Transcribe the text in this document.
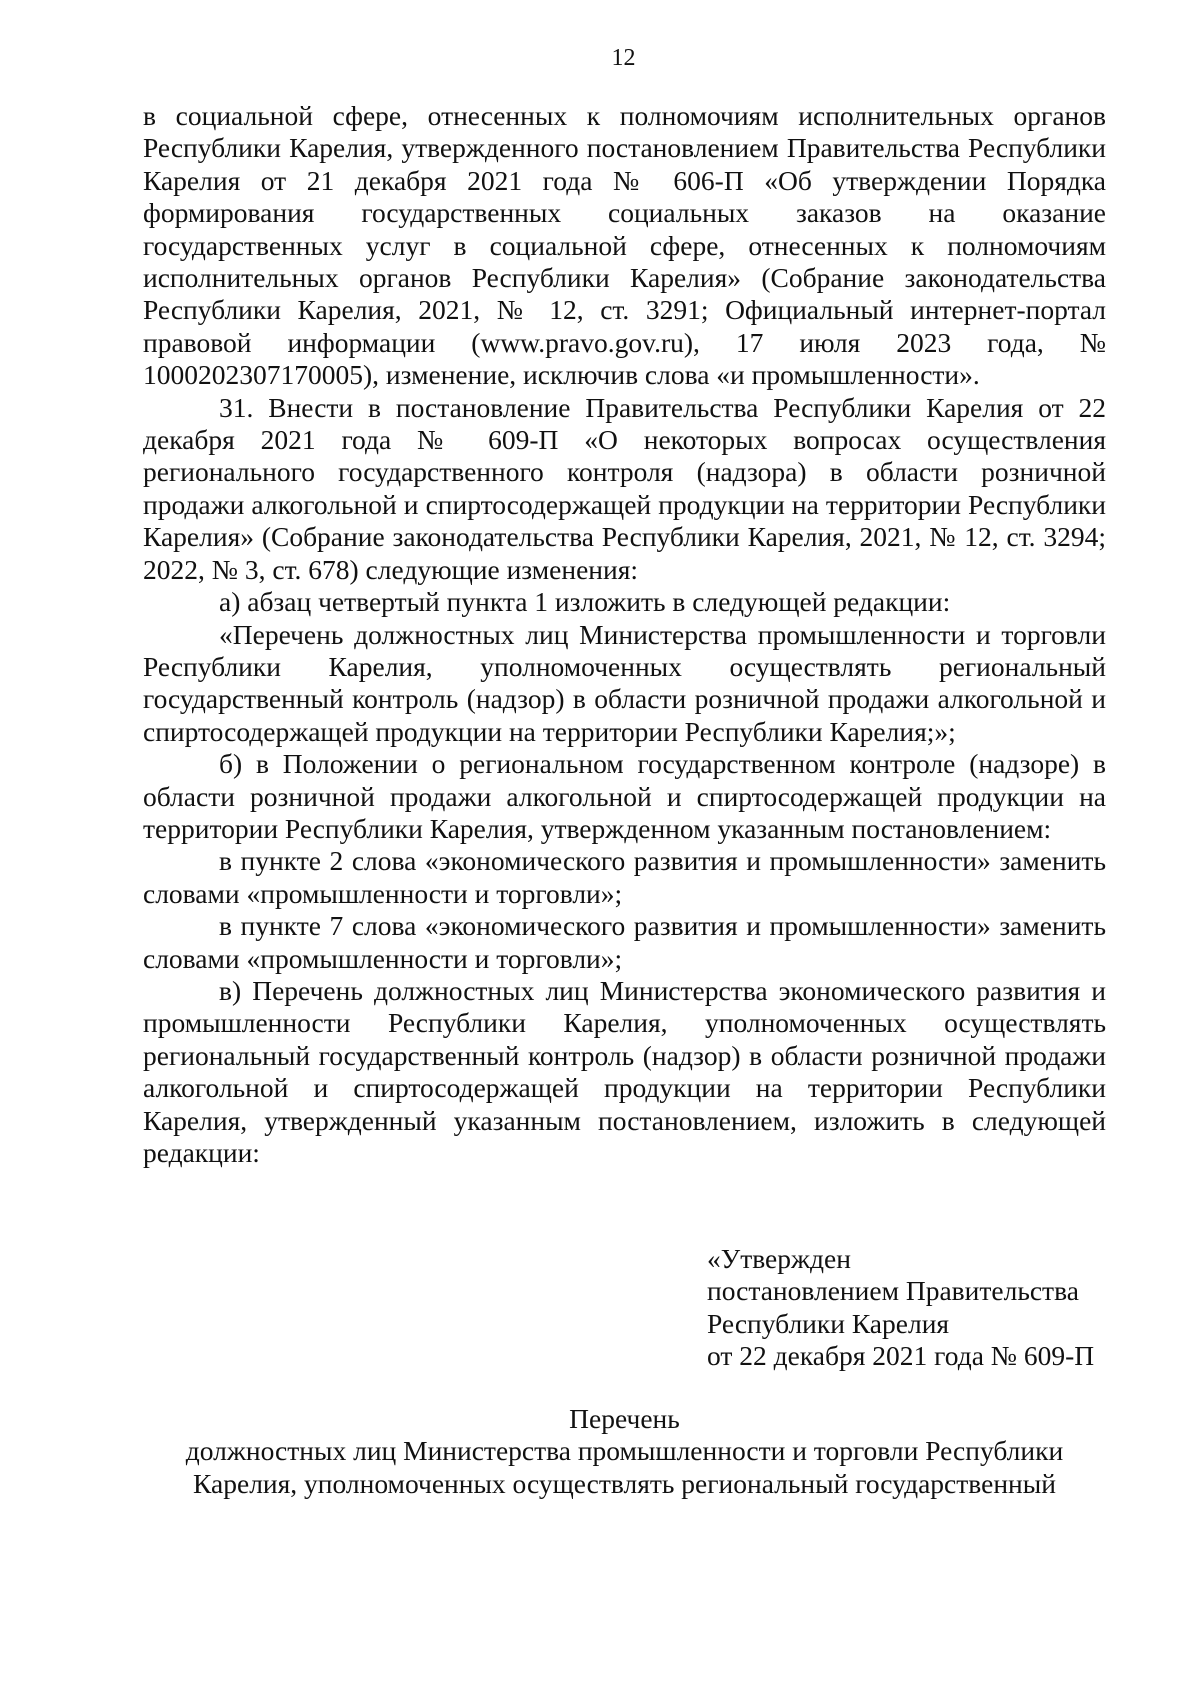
12

в социальной сфере, отнесенных к полномочиям исполнительных органов Республики Карелия, утвержденного постановлением Правительства Республики Карелия от 21 декабря 2021 года № 606-П «Об утверждении Порядка формирования государственных социальных заказов на оказание государственных услуг в социальной сфере, отнесенных к полномочиям исполнительных органов Республики Карелия» (Собрание законодательства Республики Карелия, 2021, № 12, ст. 3291; Официальный интернет-портал правовой информации (www.pravo.gov.ru), 17 июля 2023 года, № 1000202307170005), изменение, исключив слова «и промышленности».

31. Внести в постановление Правительства Республики Карелия от 22 декабря 2021 года № 609-П «О некоторых вопросах осуществления регионального государственного контроля (надзора) в области розничной продажи алкогольной и спиртосодержащей продукции на территории Республики Карелия» (Собрание законодательства Республики Карелия, 2021, № 12, ст. 3294; 2022, № 3, ст. 678) следующие изменения:

а) абзац четвертый пункта 1 изложить в следующей редакции:

«Перечень должностных лиц Министерства промышленности и торговли Республики Карелия, уполномоченных осуществлять региональный государственный контроль (надзор) в области розничной продажи алкогольной и спиртосодержащей продукции на территории Республики Карелия;»;

б) в Положении о региональном государственном контроле (надзоре) в области розничной продажи алкогольной и спиртосодержащей продукции на территории Республики Карелия, утвержденном указанным постановлением:

в пункте 2 слова «экономического развития и промышленности» заменить словами «промышленности и торговли»;

в пункте 7 слова «экономического развития и промышленности» заменить словами «промышленности и торговли»;

в) Перечень должностных лиц Министерства экономического развития и промышленности Республики Карелия, уполномоченных осуществлять региональный государственный контроль (надзор) в области розничной продажи алкогольной и спиртосодержащей продукции на территории Республики Карелия, утвержденный указанным постановлением, изложить в следующей редакции:

«Утвержден
постановлением Правительства
Республики Карелия
от 22 декабря 2021 года № 609-П
Перечень
должностных лиц Министерства промышленности и торговли Республики
Карелия, уполномоченных осуществлять региональный государственный
